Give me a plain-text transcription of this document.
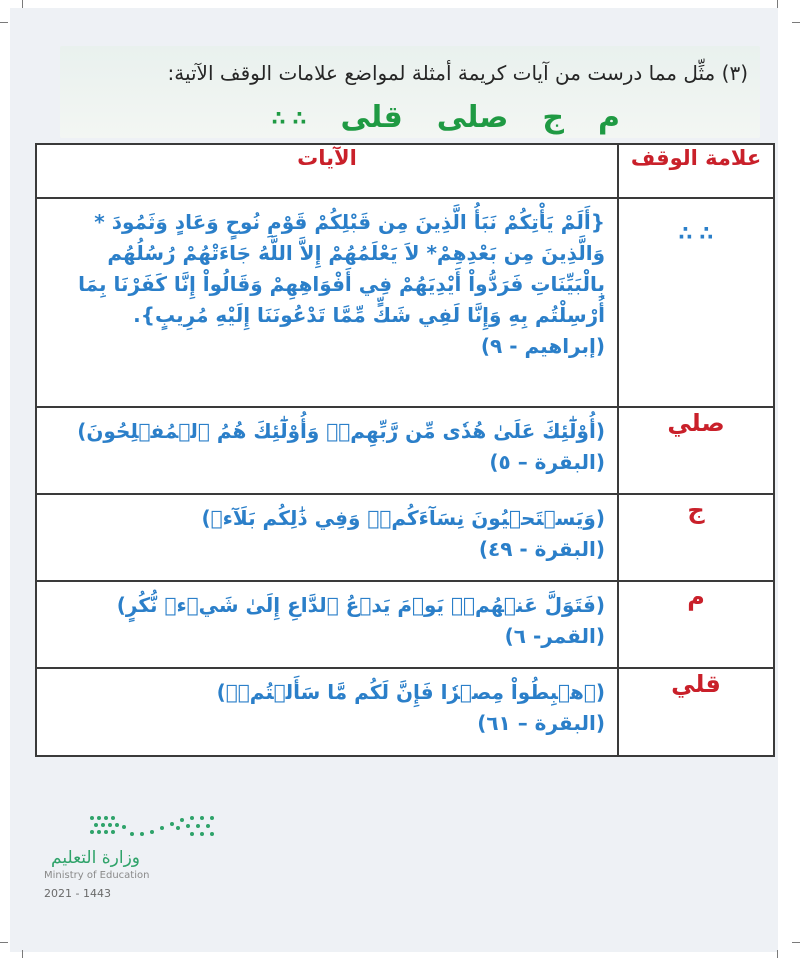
(٣) مثِّل مما درست من آيات كريمة أمثلة لمواضع علامات الوقف الآتية:
م
ج
صلى
قلى
∴ ∴
علامة الوقف	الآيات
∴ ∴	{أَلَمْ يَأْتِكُمْ نَبَأُ الَّذِينَ مِن قَبْلِكُمْ قَوْمِ نُوحٍ وَعَادٍ وَثَمُودَ * وَالَّذِينَ مِن بَعْدِهِمْ* لاَ يَعْلَمُهُمْ إِلاَّ اللَّهُ جَاءَتْهُمْ رُسُلُهُم بِالْبَيِّنَاتِ فَرَدُّواْ أَيْدِيَهُمْ فِي أَفْوَاهِهِمْ وَقَالُواْ إِنَّا كَفَرْنَا بِمَا أُرْسِلْتُم بِهِ وَإِنَّا لَفِي شَكٍّ مِّمَّا تَدْعُونَنَا إِلَيْهِ مُرِيبٍ}.
(إبراهيم - ٩)

صلي	(أُوْلَٰٓئِكَ عَلَىٰ هُدٗى مِّن رَّبِّهِمۡۖ وَأُوْلَٰٓئِكَ هُمُ ٱلۡمُفۡلِحُونَ)
(البقرة – ٥)

ج	(وَيَسۡتَحۡيُونَ نِسَآءَكُمۡۚ وَفِي ذَٰلِكُم بَلَآءٞ)
(البقرة - ٤٩)

م	(فَتَوَلَّ عَنۡهُمۡۘ يَوۡمَ يَدۡعُ ٱلدَّاعِ إِلَىٰ شَيۡءٖ نُّكُرٍ)
(القمر- ٦)

قلي	(ٱهۡبِطُواْ مِصۡرٗا فَإِنَّ لَكُم مَّا سَأَلۡتُمۡۗ)
(البقرة – ٦١)
وزارة التعليم
Ministry of Education
2021 - 1443
